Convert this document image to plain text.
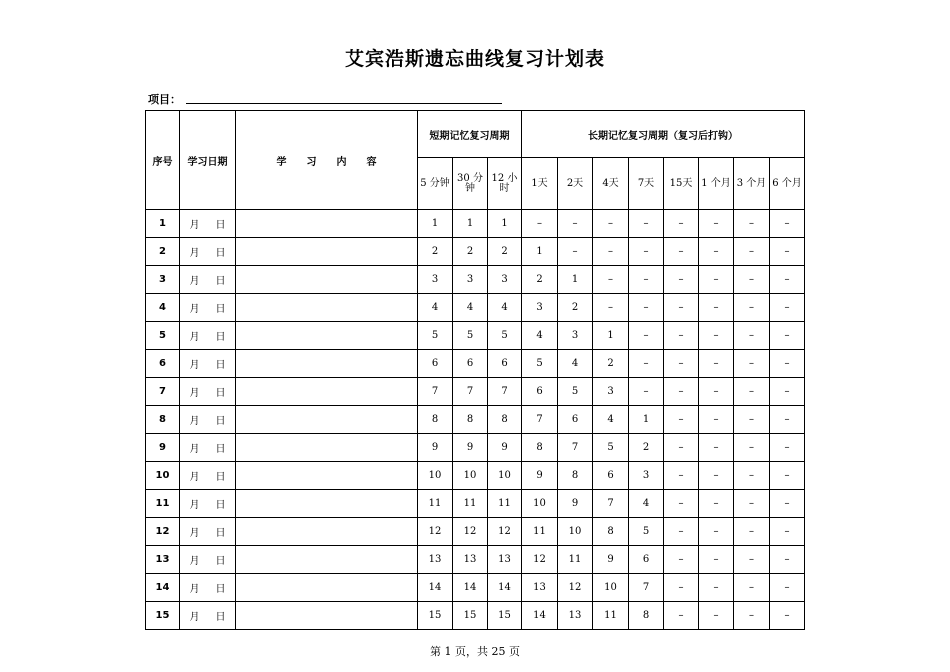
艾宾浩斯遗忘曲线复习计划表
项目：
序号	学习日期	学　　习　　内　　容	短期记忆复习周期			长期记忆复习周期（复习后打钩）							
			5 分钟	30 分钟	12 小时	1天	2天	4天	7天	15天	1 个月	3 个月	6 个月
1	月 日		1	1	1	–	–	–	–	–	–	–	–
2	月 日		2	2	2	1	–	–	–	–	–	–	–
3	月 日		3	3	3	2	1	–	–	–	–	–	–
4	月 日		4	4	4	3	2	–	–	–	–	–	–
5	月 日		5	5	5	4	3	1	–	–	–	–	–
6	月 日		6	6	6	5	4	2	–	–	–	–	–
7	月 日		7	7	7	6	5	3	–	–	–	–	–
8	月 日		8	8	8	7	6	4	1	–	–	–	–
9	月 日		9	9	9	8	7	5	2	–	–	–	–
10	月 日		10	10	10	9	8	6	3	–	–	–	–
11	月 日		11	11	11	10	9	7	4	–	–	–	–
12	月 日		12	12	12	11	10	8	5	–	–	–	–
13	月 日		13	13	13	12	11	9	6	–	–	–	–
14	月 日		14	14	14	13	12	10	7	–	–	–	–
15	月 日		15	15	15	14	13	11	8	–	–	–	–
第 1 页，共 25 页
